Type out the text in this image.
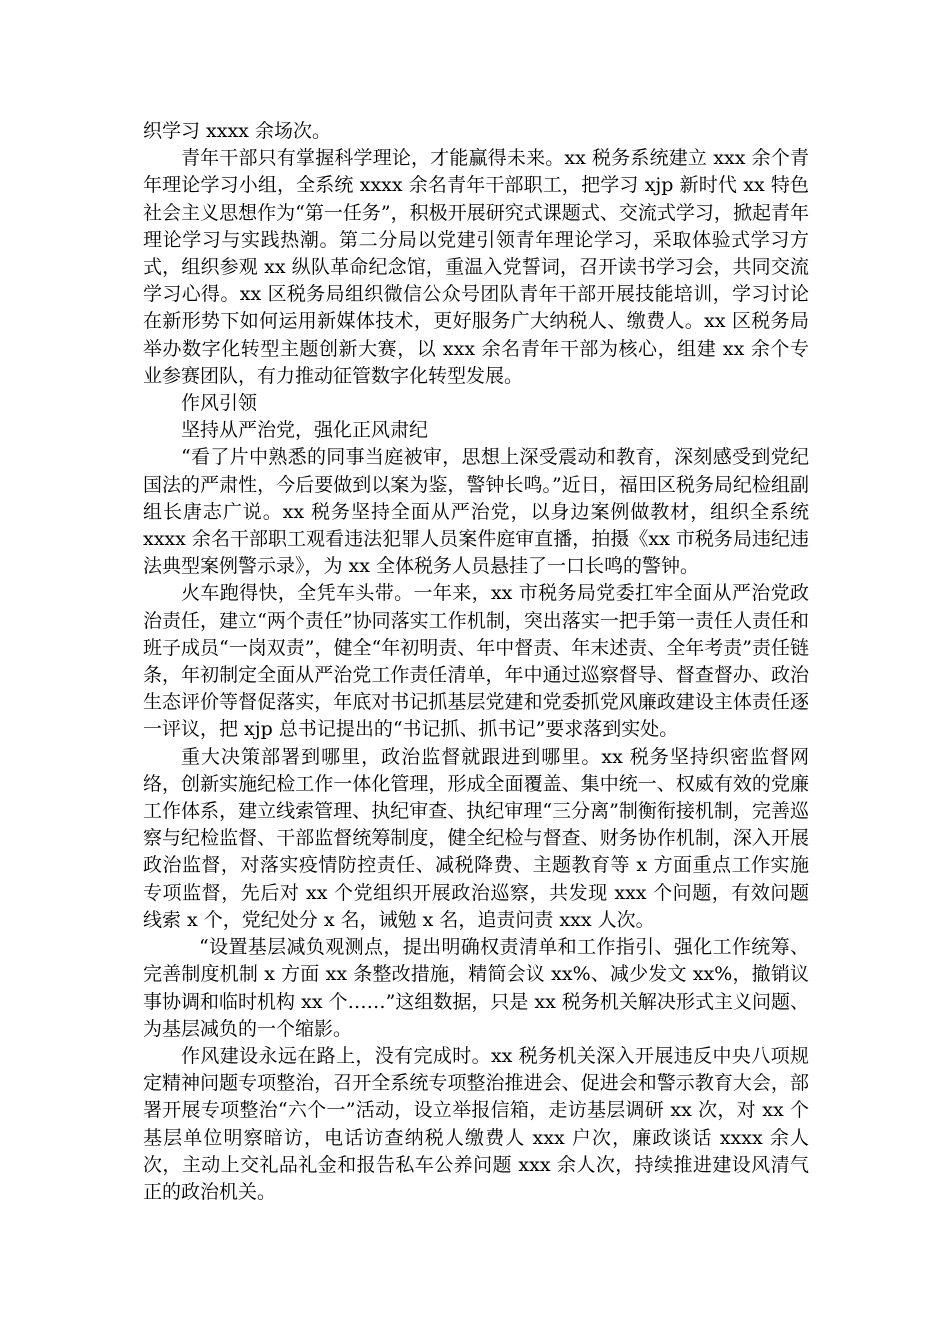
织学习 xxxx 余场次。

青年干部只有掌握科学理论，才能赢得未来。xx 税务系统建立 xxx 余个青年理论学习小组，全系统 xxxx 余名青年干部职工，把学习 xjp 新时代 xx 特色社会主义思想作为“第一任务”，积极开展研究式课题式、交流式学习，掀起青年理论学习与实践热潮。第二分局以党建引领青年理论学习，采取体验式学习方式，组织参观 xx 纵队革命纪念馆，重温入党誓词，召开读书学习会，共同交流学习心得。xx 区税务局组织微信公众号团队青年干部开展技能培训，学习讨论在新形势下如何运用新媒体技术，更好服务广大纳税人、缴费人。xx 区税务局举办数字化转型主题创新大赛，以 xxx 余名青年干部为核心，组建 xx 余个专业参赛团队，有力推动征管数字化转型发展。

作风引领

坚持从严治党，强化正风肃纪

“看了片中熟悉的同事当庭被审，思想上深受震动和教育，深刻感受到党纪国法的严肃性，今后要做到以案为鉴，警钟长鸣。”近日，福田区税务局纪检组副组长唐志广说。xx 税务坚持全面从严治党，以身边案例做教材，组织全系统 xxxx 余名干部职工观看违法犯罪人员案件庭审直播，拍摄《xx 市税务局违纪违法典型案例警示录》，为 xx 全体税务人员悬挂了一口长鸣的警钟。

火车跑得快，全凭车头带。一年来，xx 市税务局党委扛牢全面从严治党政治责任，建立“两个责任”协同落实工作机制，突出落实一把手第一责任人责任和班子成员“一岗双责”，健全“年初明责、年中督责、年末述责、全年考责”责任链条，年初制定全面从严治党工作责任清单，年中通过巡察督导、督查督办、政治生态评价等督促落实，年底对书记抓基层党建和党委抓党风廉政建设主体责任逐一评议，把 xjp 总书记提出的“书记抓、抓书记”要求落到实处。

重大决策部署到哪里，政治监督就跟进到哪里。xx 税务坚持织密监督网络，创新实施纪检工作一体化管理，形成全面覆盖、集中统一、权威有效的党廉工作体系，建立线索管理、执纪审查、执纪审理“三分离”制衡衔接机制，完善巡察与纪检监督、干部监督统筹制度，健全纪检与督查、财务协作机制，深入开展政治监督，对落实疫情防控责任、减税降费、主题教育等 x 方面重点工作实施专项监督，先后对 xx 个党组织开展政治巡察，共发现 xxx 个问题，有效问题线索 x 个，党纪处分 x 名，诫勉 x 名，追责问责 xxx 人次。

“设置基层减负观测点，提出明确权责清单和工作指引、强化工作统筹、完善制度机制 x 方面 xx 条整改措施，精简会议 xx%、减少发文 xx%，撤销议事协调和临时机构 xx 个……”这组数据，只是 xx 税务机关解决形式主义问题、为基层减负的一个缩影。

作风建设永远在路上，没有完成时。xx 税务机关深入开展违反中央八项规定精神问题专项整治，召开全系统专项整治推进会、促进会和警示教育大会，部署开展专项整治“六个一”活动，设立举报信箱，走访基层调研 xx 次，对 xx 个基层单位明察暗访，电话访查纳税人缴费人 xxx 户次，廉政谈话 xxxx 余人次，主动上交礼品礼金和报告私车公养问题 xxx 余人次，持续推进建设风清气正的政治机关。
